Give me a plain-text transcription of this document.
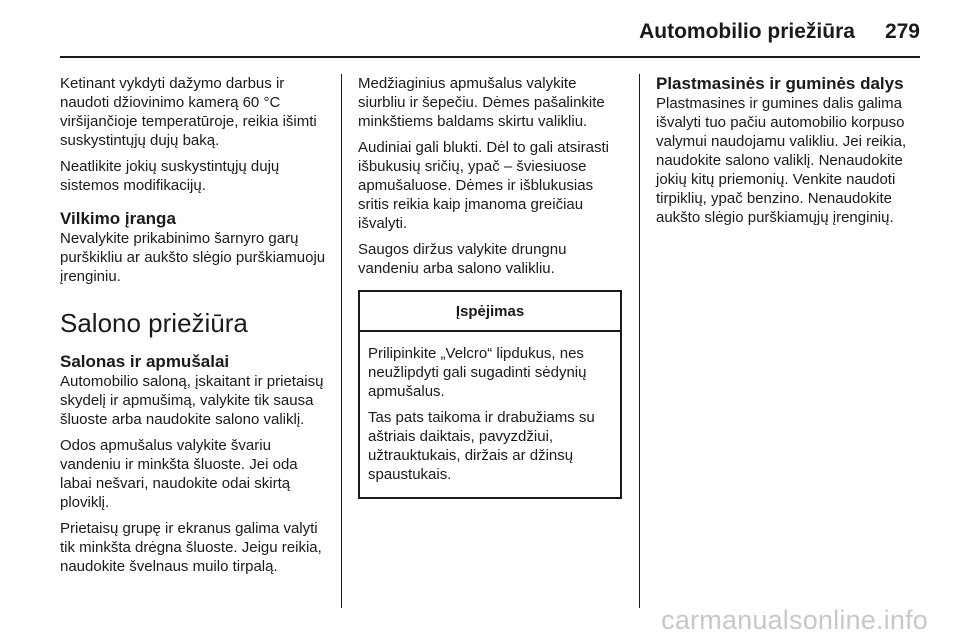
Automobilio priežiūra 279

Ketinant vykdyti dažymo darbus ir naudoti džiovinimo kamerą 60 °C viršijančioje temperatūroje, reikia išimti suskystintųjų dujų baką.

Neatlikite jokių suskystintųjų dujų sistemos modifikacijų.

Vilkimo įranga

Nevalykite prikabinimo šarnyro garų purškikliu ar aukšto slėgio purškiamuoju įrenginiu.

Salono priežiūra
Salonas ir apmušalai

Automobilio saloną, įskaitant ir prietaisų skydelį ir apmušimą, valykite tik sausa šluoste arba naudokite salono valiklį.

Odos apmušalus valykite švariu vandeniu ir minkšta šluoste. Jei oda labai nešvari, naudokite odai skirtą ploviklį.

Prietaisų grupę ir ekranus galima valyti tik minkšta drėgna šluoste. Jeigu reikia, naudokite švelnaus muilo tirpalą.

Medžiaginius apmušalus valykite siurbliu ir šepečiu. Dėmes pašalinkite minkštiems baldams skirtu valikliu.

Audiniai gali blukti. Dėl to gali atsirasti išbukusių sričių, ypač – šviesiuose apmušaluose. Dėmes ir išblukusias sritis reikia kaip įmanoma greičiau išvalyti.

Saugos diržus valykite drungnu vandeniu arba salono valikliu.

Įspėjimas

Prilipinkite „Velcro“ lipdukus, nes neužlipdyti gali sugadinti sėdynių apmušalus.

Tas pats taikoma ir drabužiams su aštriais daiktais, pavyzdžiui, užtrauktukais, diržais ar džinsų spaustukais.

Plastmasinės ir guminės dalys

Plastmasines ir gumines dalis galima išvalyti tuo pačiu automobilio korpuso valymui naudojamu valikliu. Jei reikia, naudokite salono valiklį. Nenaudokite jokių kitų priemonių. Venkite naudoti tirpiklių, ypač benzino. Nenaudokite aukšto slėgio purškiamųjų įrenginių.

carmanualsonline.info
